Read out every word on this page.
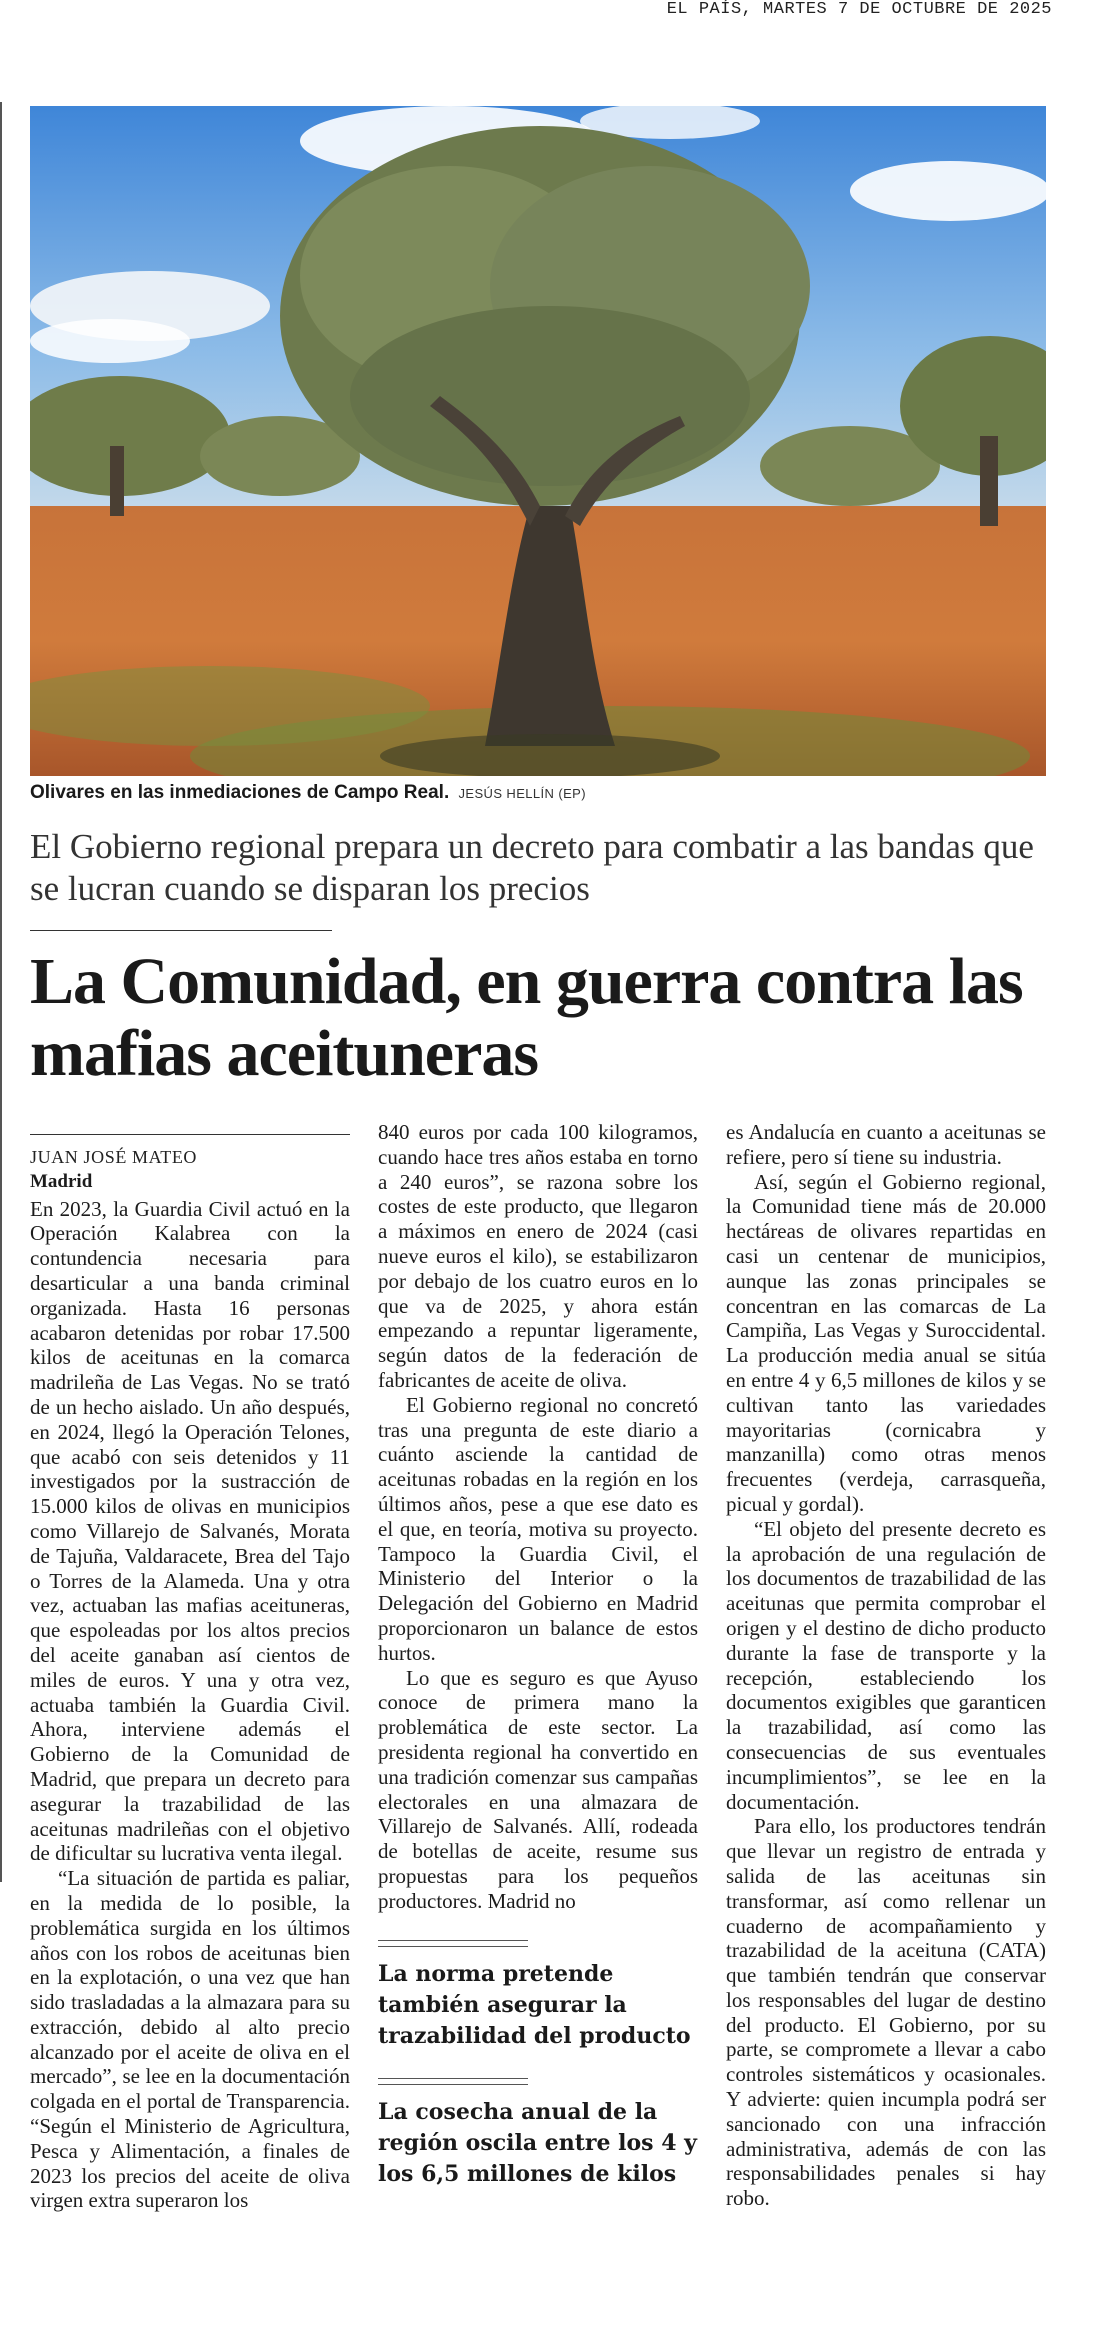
EL PAÍS, MARTES 7 DE OCTUBRE DE 2025
Olivares en las inmediaciones de Campo Real. JESÚS HELLÍN (EP)
El Gobierno regional prepara un decreto para combatir a las bandas que se lucran cuando se disparan los precios
La Comunidad, en guerra contra las mafias aceituneras
JUAN JOSÉ MATEO
Madrid

En 2023, la Guardia Civil actuó en la Operación Kalabrea con la contundencia necesaria para desarticular a una banda criminal organizada. Hasta 16 personas acabaron detenidas por robar 17.500 kilos de aceitunas en la comarca madrileña de Las Vegas. No se trató de un hecho aislado. Un año después, en 2024, llegó la Operación Telones, que acabó con seis detenidos y 11 investigados por la sustracción de 15.000 kilos de olivas en municipios como Villarejo de Salvanés, Morata de Tajuña, Valdaracete, Brea del Tajo o Torres de la Alameda. Una y otra vez, actuaban las mafias aceituneras, que espoleadas por los altos precios del aceite ganaban así cientos de miles de euros. Y una y otra vez, actuaba también la Guardia Civil. Ahora, interviene además el Gobierno de la Comunidad de Madrid, que prepara un decreto para asegurar la trazabilidad de las aceitunas madrileñas con el objetivo de dificultar su lucrativa venta ilegal.

“La situación de partida es paliar, en la medida de lo posible, la problemática surgida en los últimos años con los robos de aceitunas bien en la explotación, o una vez que han sido trasladadas a la almazara para su extracción, debido al alto precio alcanzado por el aceite de oliva en el mercado”, se lee en la documentación colgada en el portal de Transparencia. “Según el Ministerio de Agricultura, Pesca y Alimentación, a finales de 2023 los precios del aceite de oliva virgen extra superaron los

840 euros por cada 100 kilogramos, cuando hace tres años estaba en torno a 240 euros”, se razona sobre los costes de este producto, que llegaron a máximos en enero de 2024 (casi nueve euros el kilo), se estabilizaron por debajo de los cuatro euros en lo que va de 2025, y ahora están empezando a repuntar ligeramente, según datos de la federación de fabricantes de aceite de oliva.

El Gobierno regional no concretó tras una pregunta de este diario a cuánto asciende la cantidad de aceitunas robadas en la región en los últimos años, pese a que ese dato es el que, en teoría, motiva su proyecto. Tampoco la Guardia Civil, el Ministerio del Interior o la Delegación del Gobierno en Madrid proporcionaron un balance de estos hurtos.

Lo que es seguro es que Ayuso conoce de primera mano la problemática de este sector. La presidenta regional ha convertido en una tradición comenzar sus campañas electorales en una almazara de Villarejo de Salvanés. Allí, rodeada de botellas de aceite, resume sus propuestas para los pequeños productores. Madrid no

La norma pretende también asegurar la trazabilidad del producto
La cosecha anual de la región oscila entre los 4 y los 6,5 millones de kilos

es Andalucía en cuanto a aceitunas se refiere, pero sí tiene su industria.

Así, según el Gobierno regional, la Comunidad tiene más de 20.000 hectáreas de olivares repartidas en casi un centenar de municipios, aunque las zonas principales se concentran en las comarcas de La Campiña, Las Vegas y Suroccidental. La producción media anual se sitúa en entre 4 y 6,5 millones de kilos y se cultivan tanto las variedades mayoritarias (cornicabra y manzanilla) como otras menos frecuentes (verdeja, carrasqueña, picual y gordal).

“El objeto del presente decreto es la aprobación de una regulación de los documentos de trazabilidad de las aceitunas que permita comprobar el origen y el destino de dicho producto durante la fase de transporte y la recepción, estableciendo los documentos exigibles que garanticen la trazabilidad, así como las consecuencias de sus eventuales incumplimientos”, se lee en la documentación.

Para ello, los productores tendrán que llevar un registro de entrada y salida de las aceitunas sin transformar, así como rellenar un cuaderno de acompañamiento y trazabilidad de la aceituna (CATA) que también tendrán que conservar los responsables del lugar de destino del producto. El Gobierno, por su parte, se compromete a llevar a cabo controles sistemáticos y ocasionales. Y advierte: quien incumpla podrá ser sancionado con una infracción administrativa, además de con las responsabilidades penales si hay robo.
